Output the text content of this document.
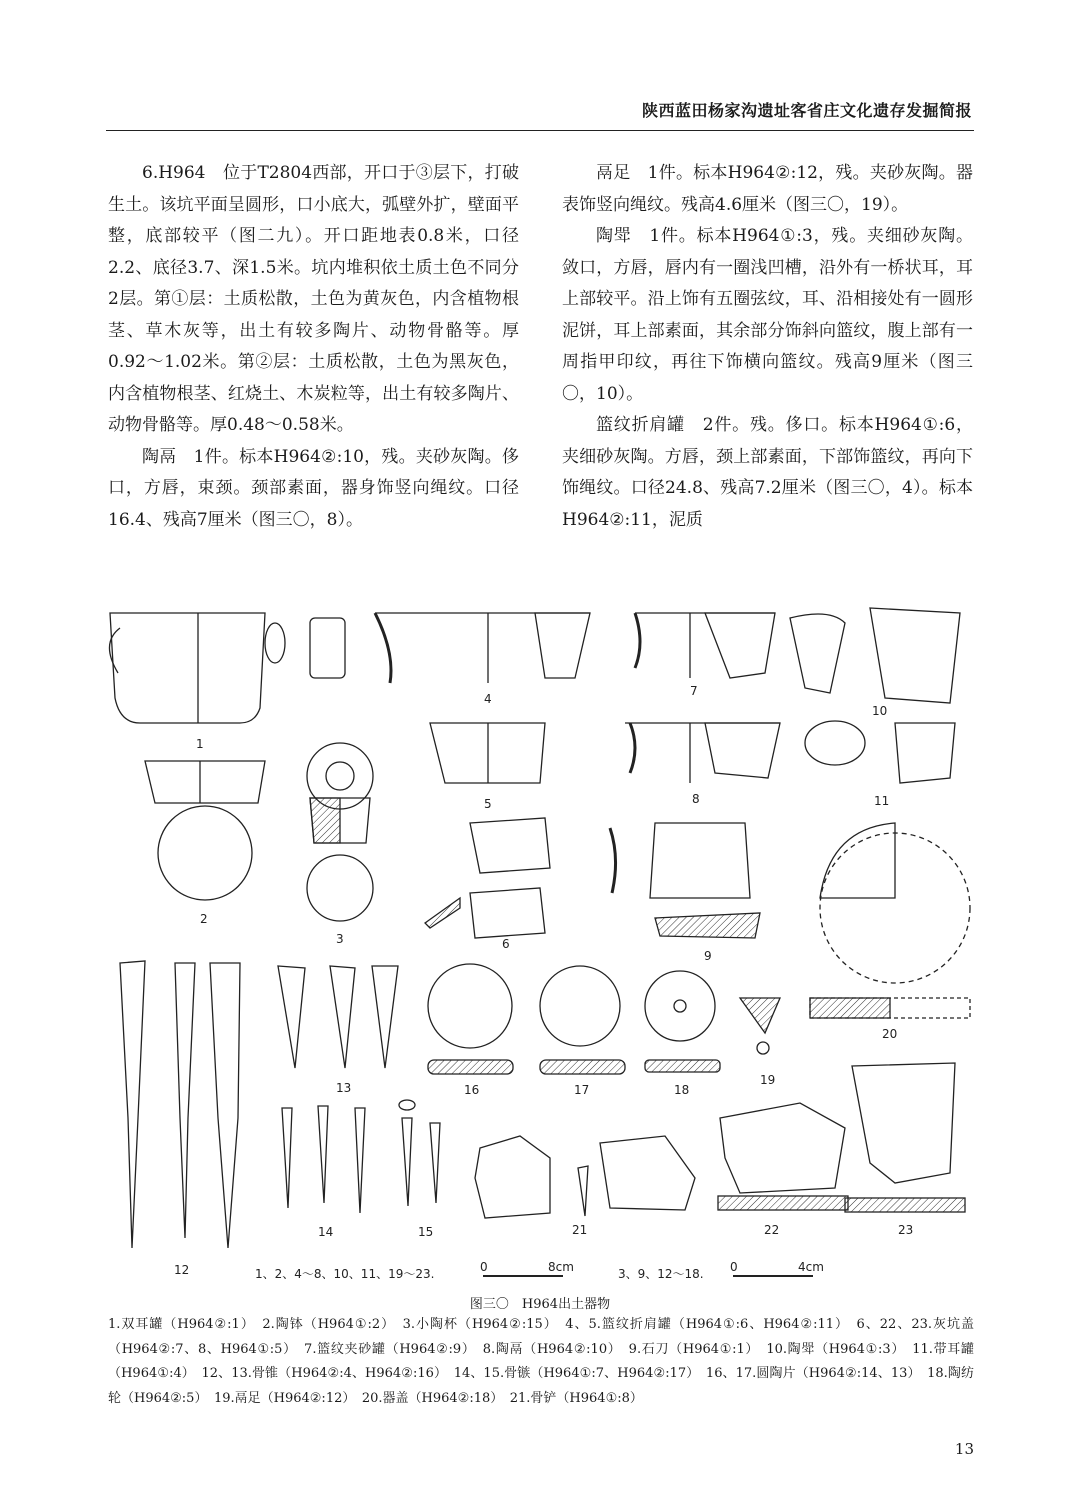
陕西蓝田杨家沟遗址客省庄文化遗存发掘简报

6.H964　位于T2804西部，开口于③层下，打破生土。该坑平面呈圆形，口小底大，弧壁外扩，壁面平整，底部较平（图二九）。开口距地表0.8米，口径2.2、底径3.7、深1.5米。坑内堆积依土质土色不同分2层。第①层：土质松散，土色为黄灰色，内含植物根茎、草木灰等，出土有较多陶片、动物骨骼等。厚0.92～1.02米。第②层：土质松散，土色为黑灰色，内含植物根茎、红烧土、木炭粒等，出土有较多陶片、动物骨骼等。厚0.48～0.58米。

陶鬲　1件。标本H964②:10，残。夹砂灰陶。侈口，方唇，束颈。颈部素面，器身饰竖向绳纹。口径16.4、残高7厘米（图三〇，8）。

鬲足　1件。标本H964②:12，残。夹砂灰陶。器表饰竖向绳纹。残高4.6厘米（图三〇，19）。

陶斝　1件。标本H964①:3，残。夹细砂灰陶。敛口，方唇，唇内有一圈浅凹槽，沿外有一桥状耳，耳上部较平。沿上饰有五圈弦纹，耳、沿相接处有一圆形泥饼，耳上部素面，其余部分饰斜向篮纹，腹上部有一周指甲印纹，再往下饰横向篮纹。残高9厘米（图三〇，10）。

篮纹折肩罐　2件。残。侈口。标本H964①:6，夹细砂灰陶。方唇，颈上部素面，下部饰篮纹，再向下饰绳纹。口径24.8、残高7.2厘米（图三〇，4）。标本H964②:11，泥质

1
2
3
4
5
6
7
8
9
10
11
12
13
14	15
16	17	18
19
20
21	22	23
1、2、4～8、10、11、19～23.	0	8cm	3、9、12～18. 0	4cm
图三〇　H964出土器物
1.双耳罐（H964②:1）　2.陶钵（H964①:2）　3.小陶杯（H964②:15）　4、5.篮纹折肩罐（H964①:6、H964②:11）　6、22、23.灰坑盖（H964②:7、8、H964①:5）　7.篮纹夹砂罐（H964②:9）　8.陶鬲（H964②:10）　9.石刀（H964①:1）　10.陶斝（H964①:3）　11.带耳罐（H964①:4）　12、13.骨锥（H964②:4、H964②:16）　14、15.骨镞（H964①:7、H964②:17）　16、17.圆陶片（H964②:14、13）　18.陶纺轮（H964②:5）　19.鬲足（H964②:12）　20.器盖（H964②:18）　21.骨铲（H964①:8）
13
